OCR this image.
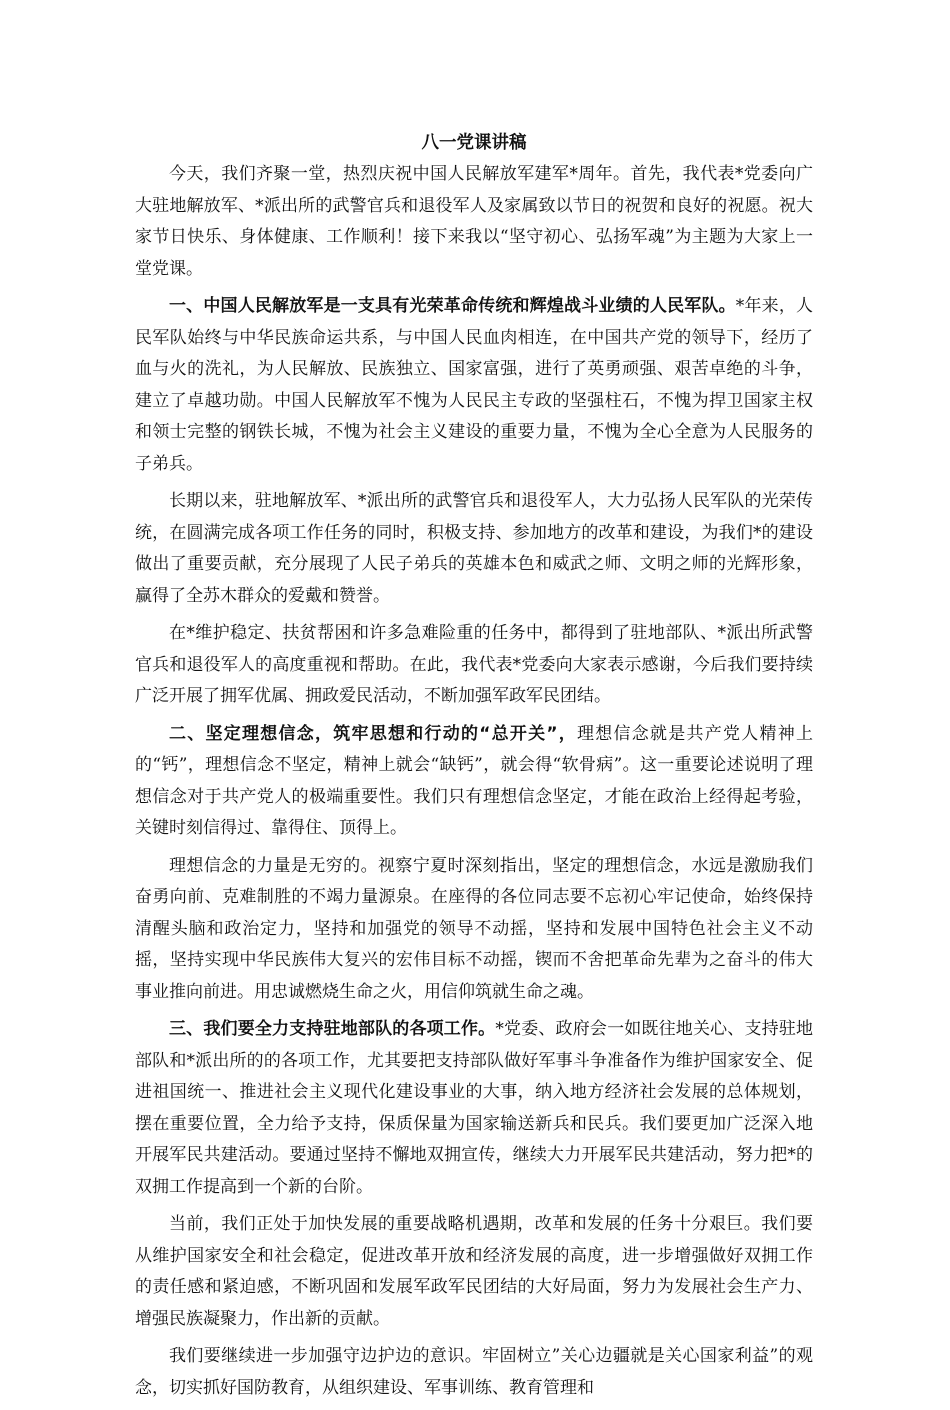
八一党课讲稿

今天，我们齐聚一堂，热烈庆祝中国人民解放军建军*周年。首先，我代表*党委向广大驻地解放军、*派出所的武警官兵和退役军人及家属致以节日的祝贺和良好的祝愿。祝大家节日快乐、身体健康、工作顺利！接下来我以“坚守初心、弘扬军魂”为主题为大家上一堂党课。

一、中国人民解放军是一支具有光荣革命传统和辉煌战斗业绩的人民军队。*年来，人民军队始终与中华民族命运共系，与中国人民血肉相连，在中国共产党的领导下，经历了血与火的洗礼，为人民解放、民族独立、国家富强，进行了英勇顽强、艰苦卓绝的斗争，建立了卓越功勋。中国人民解放军不愧为人民民主专政的坚强柱石，不愧为捍卫国家主权和领士完整的钢铁长城，不愧为社会主义建设的重要力量，不愧为全心全意为人民服务的子弟兵。

长期以来，驻地解放军、*派出所的武警官兵和退役军人，大力弘扬人民军队的光荣传统，在圆满完成各项工作任务的同时，积极支持、参加地方的改革和建设，为我们*的建设做出了重要贡献，充分展现了人民子弟兵的英雄本色和威武之师、文明之师的光辉形象，赢得了全苏木群众的爱戴和赞誉。

在*维护稳定、扶贫帮困和许多急难险重的任务中，都得到了驻地部队、*派出所武警官兵和退役军人的高度重视和帮助。在此，我代表*党委向大家表示感谢，今后我们要持续广泛开展了拥军优属、拥政爱民活动，不断加强军政军民团结。

二、坚定理想信念，筑牢思想和行动的“总开关”，理想信念就是共产党人精神上的“钙”，理想信念不坚定，精神上就会“缺钙”，就会得“软骨病”。这一重要论述说明了理想信念对于共产党人的极端重要性。我们只有理想信念坚定，才能在政治上经得起考验，关键时刻信得过、靠得住、顶得上。

理想信念的力量是无穷的。视察宁夏时深刻指出，坚定的理想信念，水远是激励我们奋勇向前、克难制胜的不竭力量源泉。在座得的各位同志要不忘初心牢记使命，始终保持清醒头脑和政治定力，坚持和加强党的领导不动摇，坚持和发展中国特色社会主义不动摇，坚持实现中华民族伟大复兴的宏伟目标不动摇，锲而不舍把革命先辈为之奋斗的伟大事业推向前进。用忠诚燃烧生命之火，用信仰筑就生命之魂。

三、我们要全力支持驻地部队的各项工作。*党委、政府会一如既往地关心、支持驻地部队和*派出所的的各项工作，尤其要把支持部队做好军事斗争准备作为维护国家安全、促进祖国统一、推进社会主义现代化建设事业的大事，纳入地方经济社会发展的总体规划，摆在重要位置，全力给予支持，保质保量为国家输送新兵和民兵。我们要更加广泛深入地开展军民共建活动。要通过坚持不懈地双拥宣传，继续大力开展军民共建活动，努力把*的双拥工作提高到一个新的台阶。

当前，我们正处于加快发展的重要战略机遇期，改革和发展的任务十分艰巨。我们要从维护国家安全和社会稳定，促进改革开放和经济发展的高度，进一步增强做好双拥工作的责任感和紧迫感，不断巩固和发展军政军民团结的大好局面，努力为发展社会生产力、增强民族凝聚力，作出新的贡献。

我们要继续进一步加强守边护边的意识。牢固树立”关心边疆就是关心国家利益”的观念，切实抓好国防教育，从组织建设、军事训练、教育管理和
